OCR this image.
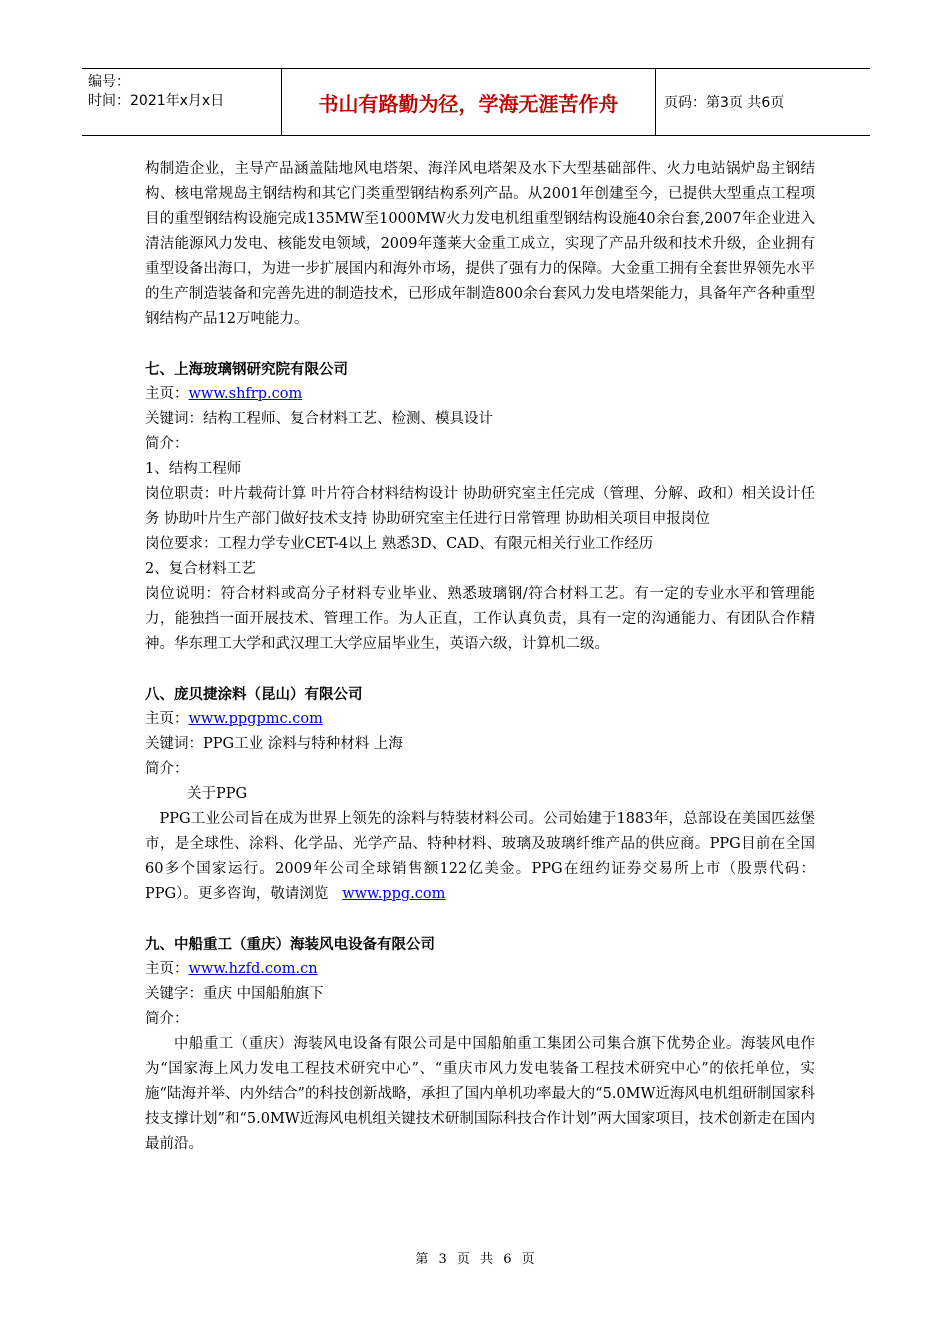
编号：
时间：2021年x月x日	书山有路勤为径，学海无涯苦作舟	页码：第3页 共6页

构制造企业，主导产品涵盖陆地风电塔架、海洋风电塔架及水下大型基础部件、火力电站锅炉岛主钢结构、核电常规岛主钢结构和其它门类重型钢结构系列产品。从2001年创建至今，已提供大型重点工程项目的重型钢结构设施完成135MW至1000MW火力发电机组重型钢结构设施40余台套,2007年企业进入清洁能源风力发电、核能发电领域，2009年蓬莱大金重工成立，实现了产品升级和技术升级，企业拥有重型设备出海口，为进一步扩展国内和海外市场，提供了强有力的保障。大金重工拥有全套世界领先水平的生产制造装备和完善先进的制造技术，已形成年制造800余台套风力发电塔架能力，具备年产各种重型钢结构产品12万吨能力。

七、上海玻璃钢研究院有限公司

主页：www.shfrp.com

关键词：结构工程师、复合材料工艺、检测、模具设计

简介：

1、结构工程师

岗位职责：叶片载荷计算 叶片符合材料结构设计 协助研究室主任完成（管理、分解、政和）相关设计任务 协助叶片生产部门做好技术支持 协助研究室主任进行日常管理 协助相关项目申报岗位

岗位要求：工程力学专业CET-4以上 熟悉3D、CAD、有限元相关行业工作经历

2、复合材料工艺

岗位说明：符合材料或高分子材料专业毕业、熟悉玻璃钢/符合材料工艺。有一定的专业水平和管理能力，能独挡一面开展技术、管理工作。为人正直，工作认真负责，具有一定的沟通能力、有团队合作精神。华东理工大学和武汉理工大学应届毕业生，英语六级，计算机二级。

八、庞贝捷涂料（昆山）有限公司

主页：www.ppgpmc.com

关键词：PPG工业 涂料与特种材料 上海

简介：

关于PPG

PPG工业公司旨在成为世界上领先的涂料与特装材料公司。公司始建于1883年，总部设在美国匹兹堡市，是全球性、涂料、化学品、光学产品、特种材料、玻璃及玻璃纤维产品的供应商。PPG目前在全国60多个国家运行。2009年公司全球销售额122亿美金。PPG在纽约证券交易所上市（股票代码：PPG）。更多咨询，敬请浏览 www.ppg.com

九、中船重工（重庆）海装风电设备有限公司

主页：www.hzfd.com.cn

关键字：重庆 中国船舶旗下

简介：

中船重工（重庆）海装风电设备有限公司是中国船舶重工集团公司集合旗下优势企业。海装风电作为“国家海上风力发电工程技术研究中心”、“重庆市风力发电装备工程技术研究中心”的依托单位，实施“陆海并举、内外结合”的科技创新战略，承担了国内单机功率最大的“5.0MW近海风电机组研制国家科技支撑计划”和“5.0MW近海风电机组关键技术研制国际科技合作计划”两大国家项目，技术创新走在国内最前沿。

第 3 页 共 6 页
